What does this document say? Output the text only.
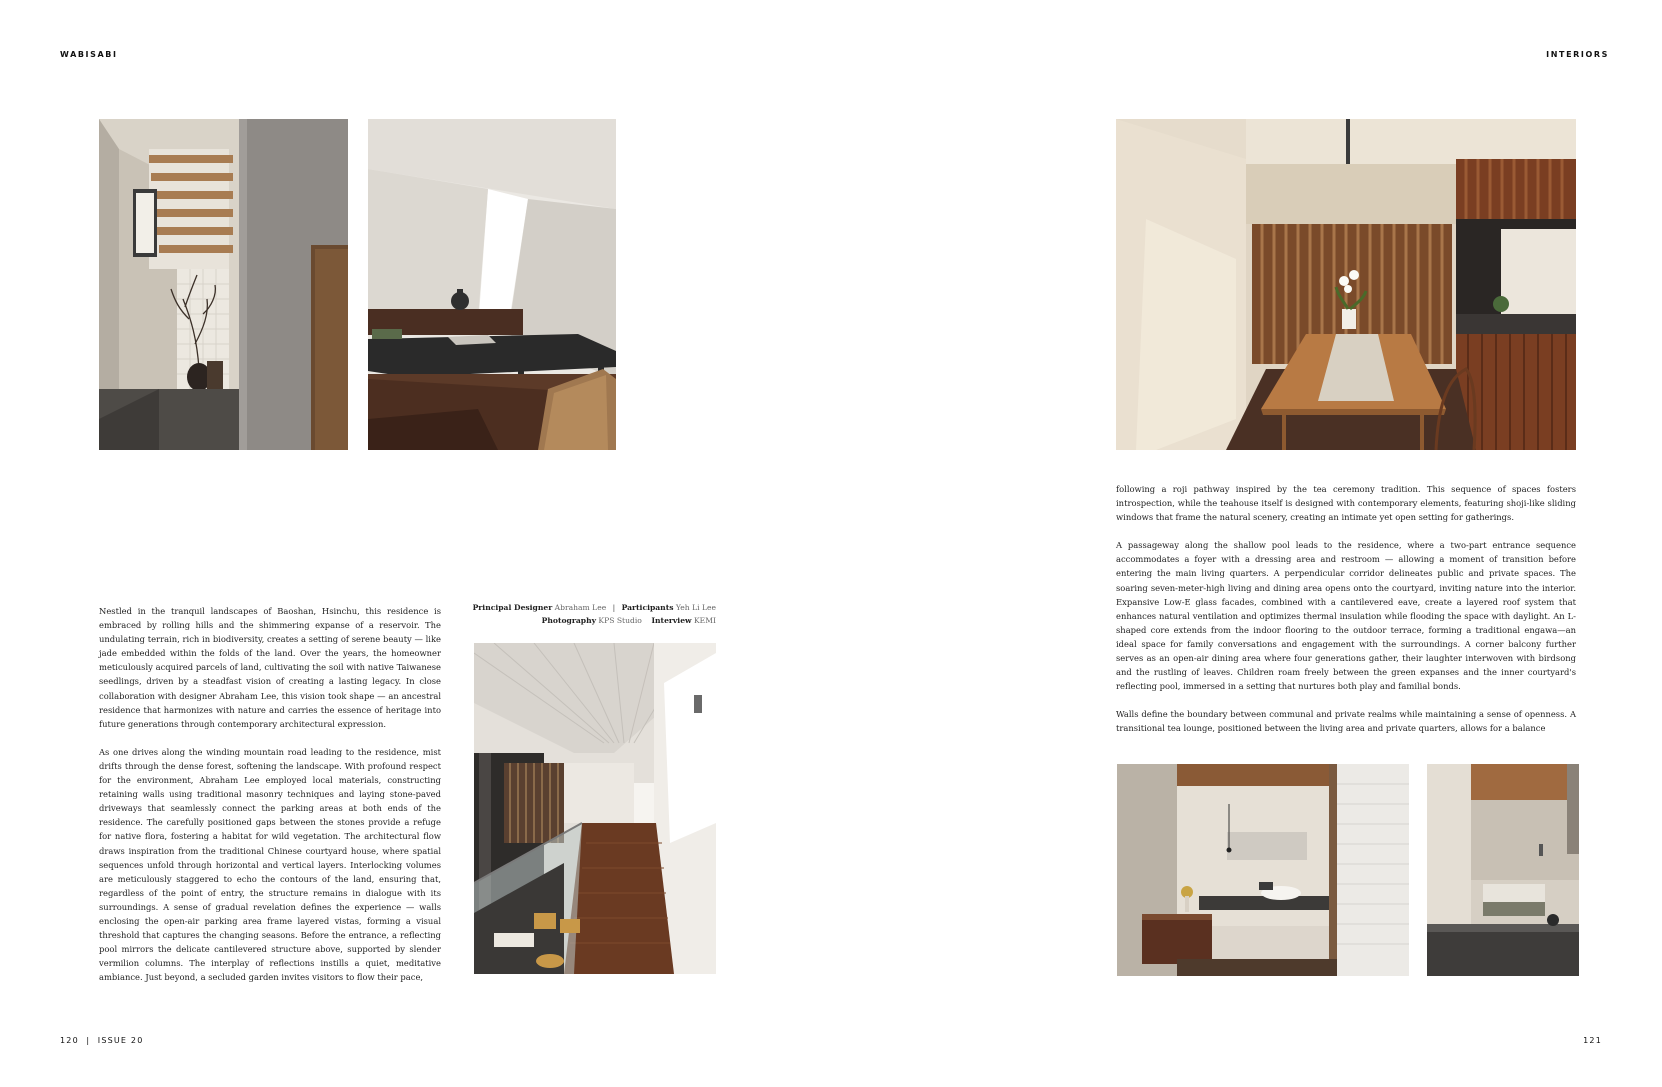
WABISABI	INTERIORS

Nestled in the tranquil landscapes of Baoshan, Hsinchu, this residence is embraced by rolling hills and the shimmering expanse of a reservoir. The undulating terrain, rich in biodiversity, creates a setting of serene beauty — like jade embedded within the folds of the land. Over the years, the homeowner meticulously acquired parcels of land, cultivating the soil with native Taiwanese seedlings, driven by a steadfast vision of creating a lasting legacy. In close collaboration with designer Abraham Lee, this vision took shape — an ancestral residence that harmonizes with nature and carries the essence of heritage into future generations through contemporary architectural expression.

As one drives along the winding mountain road leading to the residence, mist drifts through the dense forest, softening the landscape. With profound respect for the environment, Abraham Lee employed local materials, constructing retaining walls using traditional masonry techniques and laying stone-paved driveways that seamlessly connect the parking areas at both ends of the residence. The carefully positioned gaps between the stones provide a refuge for native flora, fostering a habitat for wild vegetation. The architectural flow draws inspiration from the traditional Chinese courtyard house, where spatial sequences unfold through horizontal and vertical layers. Interlocking volumes are meticulously staggered to echo the contours of the land, ensuring that, regardless of the point of entry, the structure remains in dialogue with its surroundings. A sense of gradual revelation defines the experience — walls enclosing the open-air parking area frame layered vistas, forming a visual threshold that captures the changing seasons. Before the entrance, a reflecting pool mirrors the delicate cantilevered structure above, supported by slender vermilion columns. The interplay of reflections instills a quiet, meditative ambiance. Just beyond, a secluded garden invites visitors to flow their pace,

Principal Designer Abraham Lee | Participants Yeh Li Lee
Photography KPS Studio Interview KEMI

following a roji pathway inspired by the tea ceremony tradition. This sequence of spaces fosters introspection, while the teahouse itself is designed with contemporary elements, featuring shoji-like sliding windows that frame the natural scenery, creating an intimate yet open setting for gatherings.

A passageway along the shallow pool leads to the residence, where a two-part entrance sequence accommodates a foyer with a dressing area and restroom — allowing a moment of transition before entering the main living quarters. A perpendicular corridor delineates public and private spaces. The soaring seven-meter-high living and dining area opens onto the courtyard, inviting nature into the interior. Expansive Low-E glass facades, combined with a cantilevered eave, create a layered roof system that enhances natural ventilation and optimizes thermal insulation while flooding the space with daylight. An L-shaped core extends from the indoor flooring to the outdoor terrace, forming a traditional engawa—an ideal space for family conversations and engagement with the surroundings. A corner balcony further serves as an open-air dining area where four generations gather, their laughter interwoven with birdsong and the rustling of leaves. Children roam freely between the green expanses and the inner courtyard's reflecting pool, immersed in a setting that nurtures both play and familial bonds.

Walls define the boundary between communal and private realms while maintaining a sense of openness. A transitional tea lounge, positioned between the living area and private quarters, allows for a balance

120  |  ISSUE 20	121
